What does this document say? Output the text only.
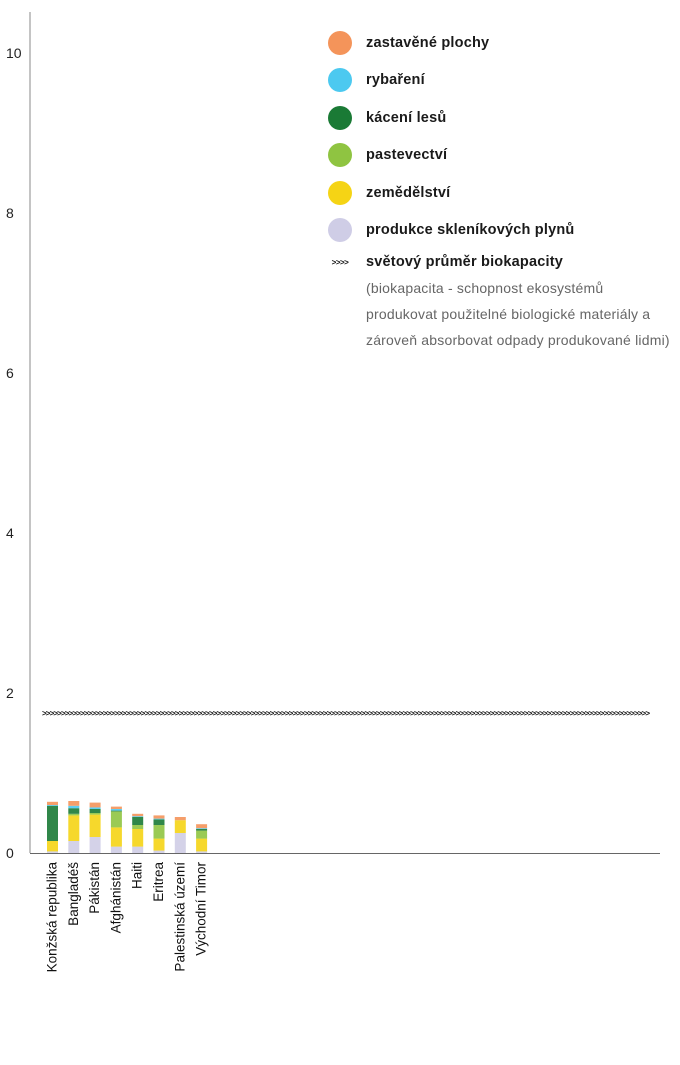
0
2
4
6
8
10
>>>>>>>>>>>>>>>>>>>>>>>>>>>>>>>>>>>>>>>>>>>>>>>>>>>>>>>>>>>>>>>>>>>>>>>>>>>>>>>>>>>>>>>>>>>>>>>>>>>>>>>>>>>>>>>>>>>>>>>>>>>>>>>>>>>>>>>>>>>>>>>>>>>>>>>>>>>>>>>>
Konžská republika Bangladéš Pákistán Afghánistán Haiti Eritrea Palestinská území Východní Timor
zastavěné plochy
rybaření
kácení lesů
pastevectví
zemědělství
produkce skleníkových plynů
>>>> světový průměr biokapacity
(biokapacita - schopnost ekosystémů produkovat použitelné biologické materiály a zároveň absorbovat odpady produkované lidmi)
